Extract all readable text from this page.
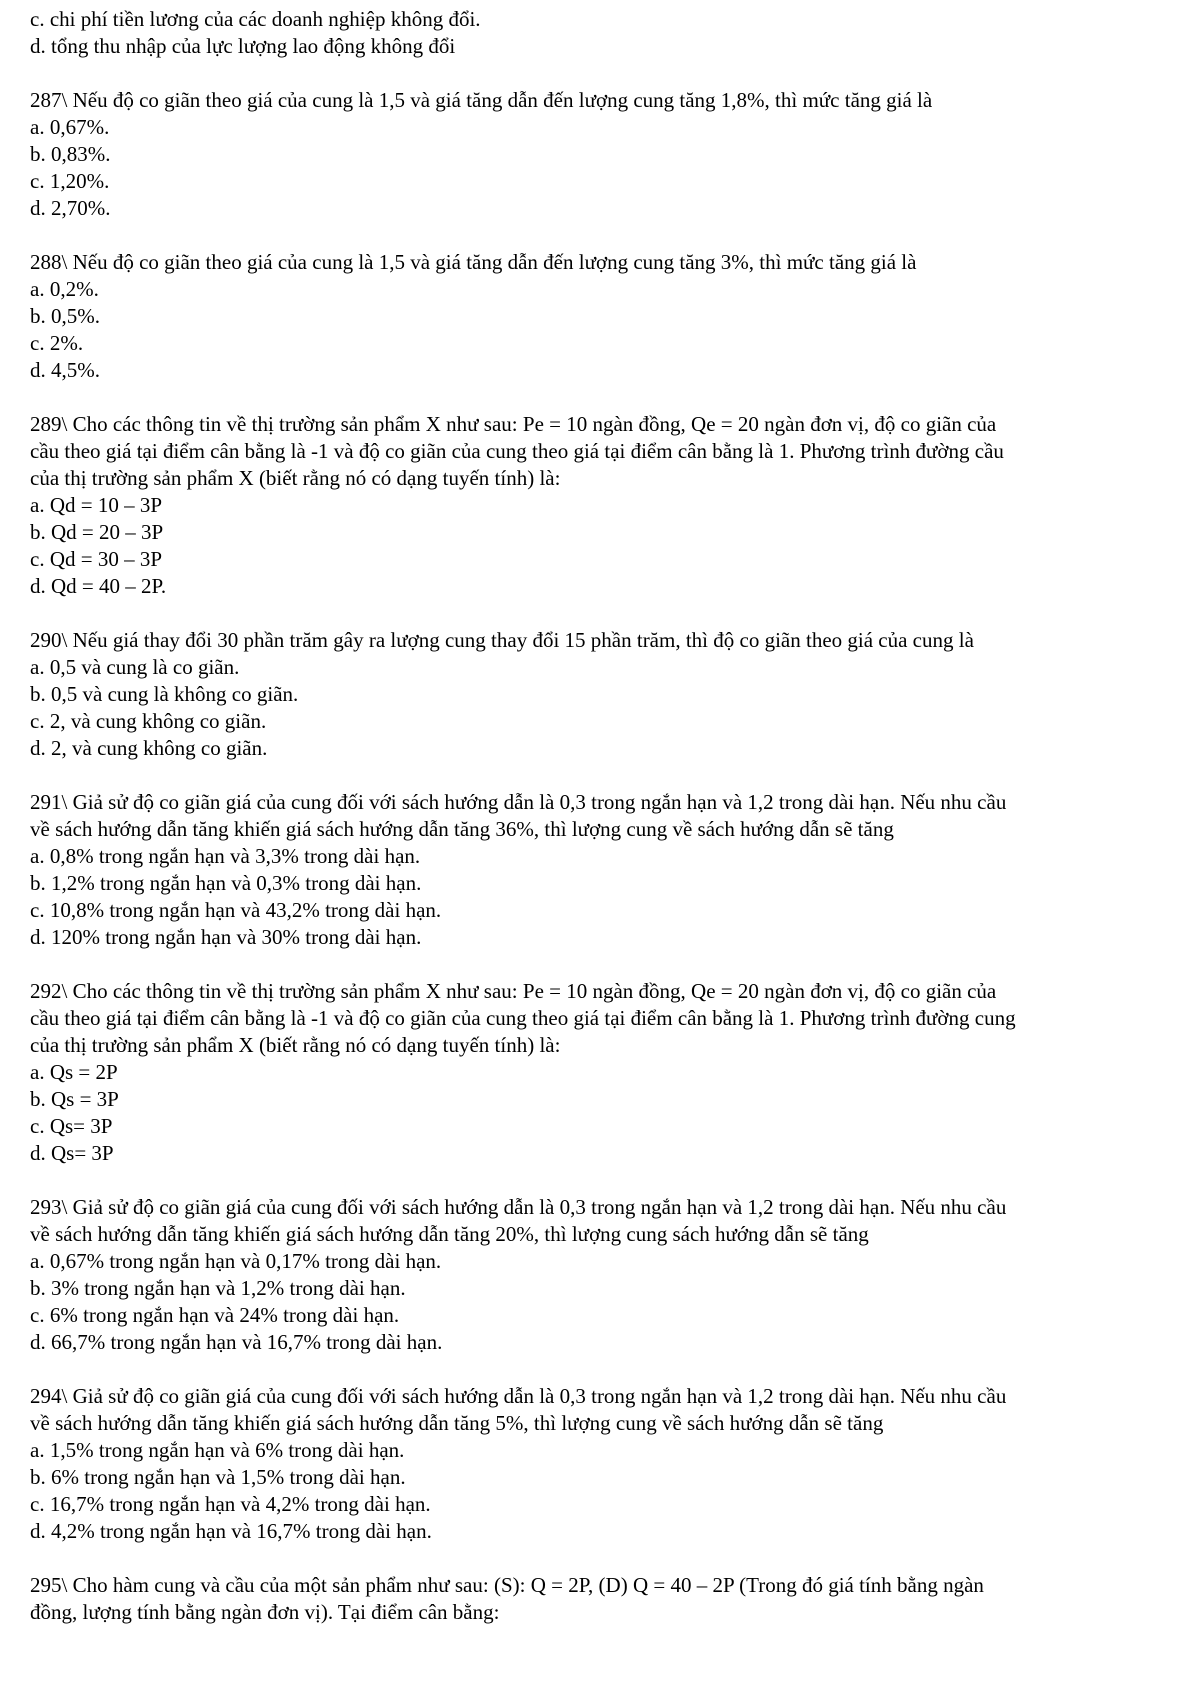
c. chi phí tiền lương của các doanh nghiệp không đổi.
d. tổng thu nhập của lực lượng lao động không đổi
287\ Nếu độ co giãn theo giá của cung là 1,5 và giá tăng dẫn đến lượng cung tăng 1,8%, thì mức tăng giá là
a. 0,67%.
b. 0,83%.
c. 1,20%.
d. 2,70%.
288\ Nếu độ co giãn theo giá của cung là 1,5 và giá tăng dẫn đến lượng cung tăng 3%, thì mức tăng giá là
a. 0,2%.
b. 0,5%.
c. 2%.
d. 4,5%.
289\ Cho các thông tin về thị trường sản phẩm X như sau: Pe = 10 ngàn đồng, Qe = 20 ngàn đơn vị, độ co giãn của
cầu theo giá tại điểm cân bằng là -1 và độ co giãn của cung theo giá tại điểm cân bằng là 1. Phương trình đường cầu
của thị trường sản phẩm X (biết rằng nó có dạng tuyến tính) là:
a. Qd = 10 – 3P
b. Qd = 20 – 3P
c. Qd = 30 – 3P
d. Qd = 40 – 2P.
290\ Nếu giá thay đổi 30 phần trăm gây ra lượng cung thay đổi 15 phần trăm, thì độ co giãn theo giá của cung là
a. 0,5 và cung là co giãn.
b. 0,5 và cung là không co giãn.
c. 2, và cung không co giãn.
d. 2, và cung không co giãn.
291\ Giả sử độ co giãn giá của cung đối với sách hướng dẫn là 0,3 trong ngắn hạn và 1,2 trong dài hạn. Nếu nhu cầu
về sách hướng dẫn tăng khiến giá sách hướng dẫn tăng 36%, thì lượng cung về sách hướng dẫn sẽ tăng
a. 0,8% trong ngắn hạn và 3,3% trong dài hạn.
b. 1,2% trong ngắn hạn và 0,3% trong dài hạn.
c. 10,8% trong ngắn hạn và 43,2% trong dài hạn.
d. 120% trong ngắn hạn và 30% trong dài hạn.
292\ Cho các thông tin về thị trường sản phẩm X như sau: Pe = 10 ngàn đồng, Qe = 20 ngàn đơn vị, độ co giãn của
cầu theo giá tại điểm cân bằng là -1 và độ co giãn của cung theo giá tại điểm cân bằng là 1. Phương trình đường cung
của thị trường sản phẩm X (biết rằng nó có dạng tuyến tính) là:
a. Qs = 2P
b. Qs = 3P
c. Qs= 3P
d. Qs= 3P
293\ Giả sử độ co giãn giá của cung đối với sách hướng dẫn là 0,3 trong ngắn hạn và 1,2 trong dài hạn. Nếu nhu cầu
về sách hướng dẫn tăng khiến giá sách hướng dẫn tăng 20%, thì lượng cung sách hướng dẫn sẽ tăng
a. 0,67% trong ngắn hạn và 0,17% trong dài hạn.
b. 3% trong ngắn hạn và 1,2% trong dài hạn.
c. 6% trong ngắn hạn và 24% trong dài hạn.
d. 66,7% trong ngắn hạn và 16,7% trong dài hạn.
294\ Giả sử độ co giãn giá của cung đối với sách hướng dẫn là 0,3 trong ngắn hạn và 1,2 trong dài hạn. Nếu nhu cầu
về sách hướng dẫn tăng khiến giá sách hướng dẫn tăng 5%, thì lượng cung về sách hướng dẫn sẽ tăng
a. 1,5% trong ngắn hạn và 6% trong dài hạn.
b. 6% trong ngắn hạn và 1,5% trong dài hạn.
c. 16,7% trong ngắn hạn và 4,2% trong dài hạn.
d. 4,2% trong ngắn hạn và 16,7% trong dài hạn.
295\ Cho hàm cung và cầu của một sản phẩm như sau: (S): Q = 2P, (D) Q = 40 – 2P (Trong đó giá tính bằng ngàn
đồng, lượng tính bằng ngàn đơn vị). Tại điểm cân bằng:
